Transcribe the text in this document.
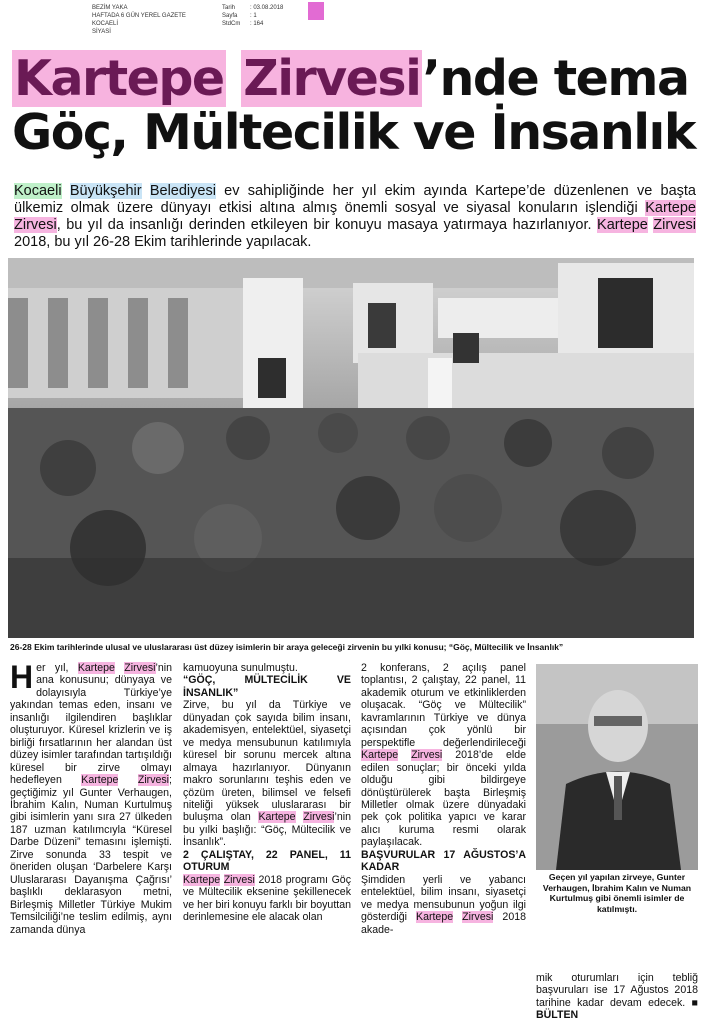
BEZİM YAKA
HAFTADA 6 GÜN YEREL GAZETE
KOCAELİ
SİYASİ
Tarih : 03.08.2018
Sayfa : 1
StdCm : 164
Kartepe Zirvesi’nde tema
Göç, Mültecilik ve İnsanlık
Kocaeli Büyükşehir Belediyesi ev sahipliğinde her yıl ekim ayında Kartepe’de düzenlenen ve başta ülkemiz olmak üzere dünyayı etkisi altına almış önemli sosyal ve siyasal konuların işlendiği Kartepe Zirvesi, bu yıl da insanlığı derinden etkileyen bir konuyu masaya yatırmaya hazırlanıyor. Kartepe Zirvesi 2018, bu yıl 26-28 Ekim tarihlerinde yapılacak.
26-28 Ekim tarihlerinde ulusal ve uluslararası üst düzey isimlerin bir araya geleceği zirvenin bu yılki konusu; “Göç, Mültecilik ve İnsanlık”

Her yıl, Kartepe Zirvesi’nin ana konusunu; dünyaya ve dolayısıyla Türkiye’ye yakından temas eden, insanı ve insanlığı ilgilendiren başlıklar oluşturuyor. Küresel krizlerin ve iş birliği fırsatlarının her alandan üst düzey isimler tarafından tartışıldığı küresel bir zirve olmayı hedefleyen Kartepe Zirvesi; geçtiğimiz yıl Gunter Verhaugen, İbrahim Kalın, Numan Kurtulmuş gibi isimlerin yanı sıra 27 ülkeden 187 uzman katılımcıyla “Küresel Darbe Düzeni” temasını işlemişti. Zirve sonunda 33 tespit ve öneriden oluşan ‘Darbelere Karşı Uluslararası Dayanışma Çağrısı’ başlıklı deklarasyon metni, Birleşmiş Milletler Türkiye Mukim Temsilciliği’ne teslim edilmiş, aynı zamanda dünya

kamuoyuna sunulmuştu.

“GÖÇ, MÜLTECİLİK VE İNSANLIK”

Zirve, bu yıl da Türkiye ve dünyadan çok sayıda bilim insanı, akademisyen, entelektüel, siyasetçi ve medya mensubunun katılımıyla küresel bir sorunu mercek altına almaya hazırlanıyor. Dünyanın makro sorunlarını teşhis eden ve çözüm üreten, bilimsel ve felsefi niteliği yüksek uluslararası bir buluşma olan Kartepe Zirvesi’nin bu yılki başlığı: “Göç, Mültecilik ve İnsanlık”.

2 ÇALIŞTAY, 22 PANEL, 11 OTURUM

Kartepe Zirvesi 2018 programı Göç ve Mültecilik eksenine şekillenecek ve her biri konuyu farklı bir boyuttan derinlemesine ele alacak olan

2 konferans, 2 açılış panel toplantısı, 2 çalıştay, 22 panel, 11 akademik oturum ve etkinliklerden oluşacak. “Göç ve Mültecilik” kavramlarının Türkiye ve dünya açısından çok yönlü bir perspektifle değerlendirileceği Kartepe Zirvesi 2018’de elde edilen sonuçlar; bir önceki yılda olduğu gibi bildirgeye dönüştürülerek başta Birleşmiş Milletler olmak üzere dünyadaki pek çok politika yapıcı ve karar alıcı kuruma resmi olarak paylaşılacak.

BAŞVURULAR 17 AĞUSTOS’A KADAR

Şimdiden yerli ve yabancı entelektüel, bilim insanı, siyasetçi ve medya mensubunun yoğun ilgi gösterdiği Kartepe Zirvesi 2018 akade-

Geçen yıl yapılan zirveye, Gunter Verhaugen, İbrahim Kalın ve Numan Kurtulmuş gibi önemli isimler de katılmıştı.

mik oturumları için tebliğ başvuruları ise 17 Ağustos 2018 tarihine kadar devam edecek. ■ BÜLTEN
